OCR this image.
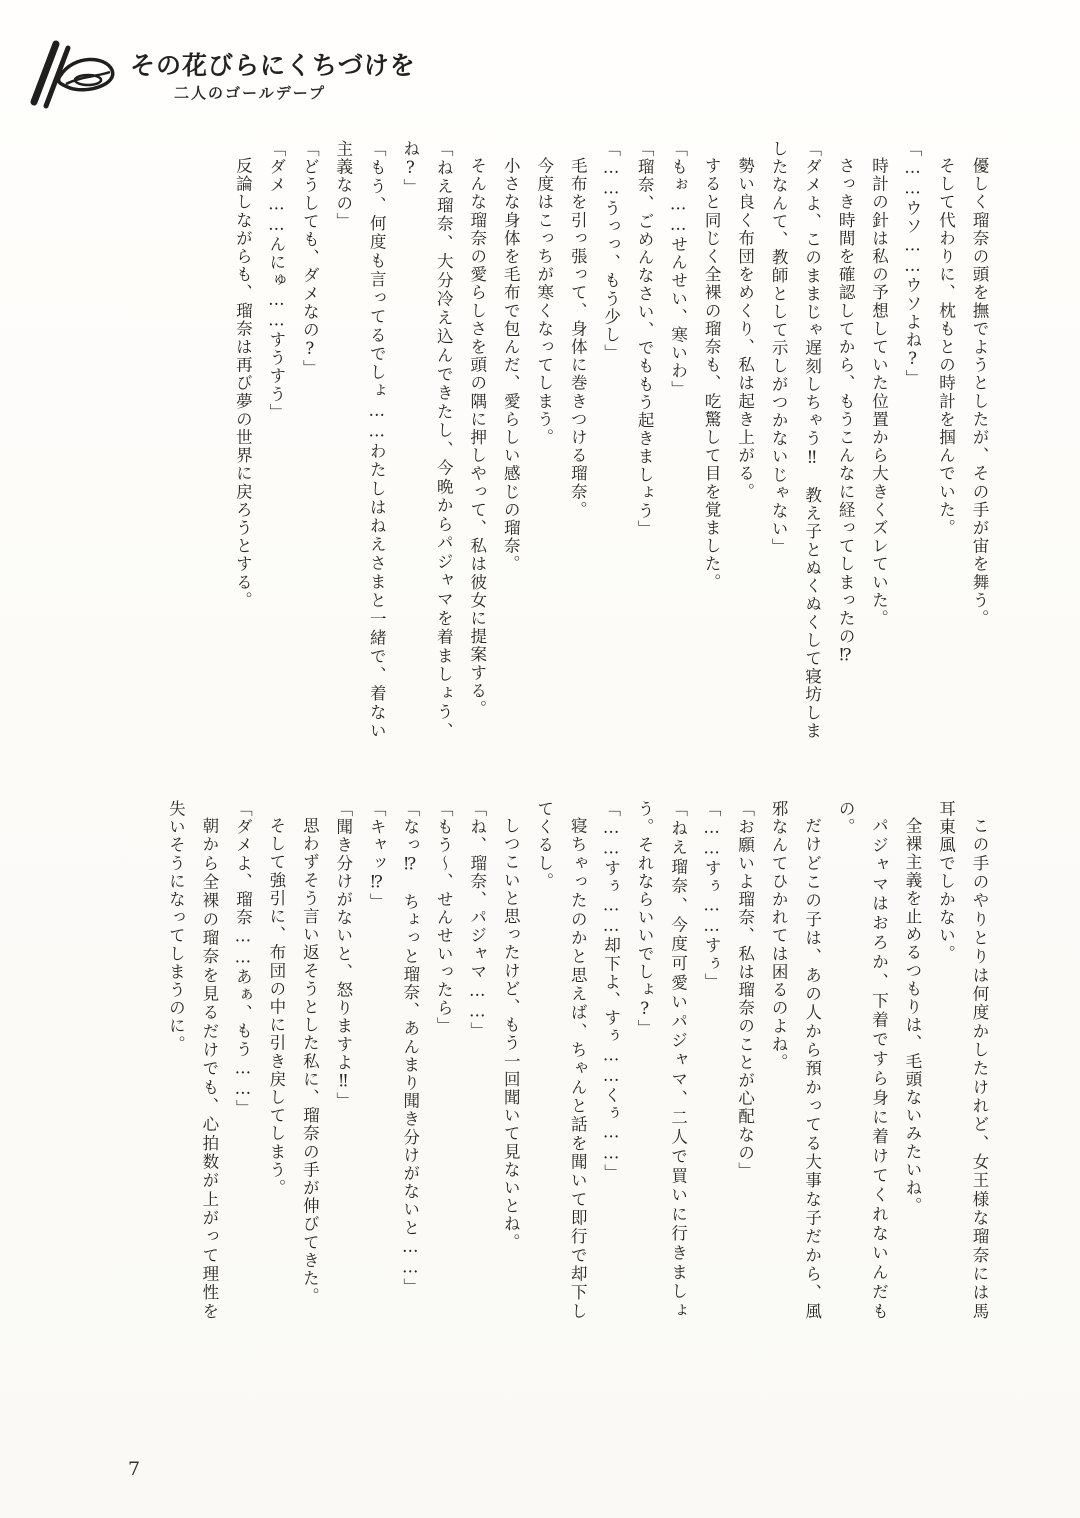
その花びらにくちづけを
二人のゴールデープ

優しく瑠奈の頭を撫でようとしたが、その手が宙を舞う。

そして代わりに、枕もとの時計を掴んでいた。

「……ウソ……ウソよね?」

時計の針は私の予想していた位置から大きくズレていた。

さっき時間を確認してから、もうこんなに経ってしまったの⁉

「ダメよ、このままじゃ遅刻しちゃう‼　教え子とぬくぬくして寝坊しましたなんて、教師として示しがつかないじゃない」

勢い良く布団をめくり、私は起き上がる。

すると同じく全裸の瑠奈も、吃驚して目を覚ました。

「もぉ……せんせい、寒いわ」

「瑠奈、ごめんなさい、でももう起きましょう」

「……うっっ、もう少し」

毛布を引っ張って、身体に巻きつける瑠奈。

今度はこっちが寒くなってしまう。

小さな身体を毛布で包んだ、愛らしい感じの瑠奈。

そんな瑠奈の愛らしさを頭の隅に押しやって、私は彼女に提案する。

「ねえ瑠奈、大分冷え込んできたし、今晩からパジャマを着ましょう、ね?」

「もう、何度も言ってるでしょ……わたしはねえさまと一緒で、着ない主義なの」

「どうしても、ダメなの?」

「ダメ……んにゅ……すうすう」

反論しながらも、瑠奈は再び夢の世界に戻ろうとする。

この手のやりとりは何度かしたけれど、女王様な瑠奈には馬耳東風でしかない。

全裸主義を止めるつもりは、毛頭ないみたいね。

パジャマはおろか、下着ですら身に着けてくれないんだもの。

だけどこの子は、あの人から預かってる大事な子だから、風邪なんてひかれては困るのよね。

「お願いよ瑠奈、私は瑠奈のことが心配なの」

「……すぅ……すぅ」

「ねえ瑠奈、今度可愛いパジャマ、二人で買いに行きましょう。それならいいでしょ?」

「……すぅ……却下よ、すぅ……くぅ……」

寝ちゃったのかと思えば、ちゃんと話を聞いて即行で却下してくるし。

しつこいと思ったけど、もう一回聞いて見ないとね。

「ね、瑠奈、パジャマ……」

「もう～、せんせいったら」

「なっ⁉　ちょっと瑠奈、あんまり聞き分けがないと……」

「キャッ⁉」

「聞き分けがないと、怒りますよ‼」

思わずそう言い返そうとした私に、瑠奈の手が伸びてきた。

そして強引に、布団の中に引き戻してしまう。

「ダメよ、瑠奈……あぁ、もう……」

朝から全裸の瑠奈を見るだけでも、心拍数が上がって理性を失いそうになってしまうのに。

7
